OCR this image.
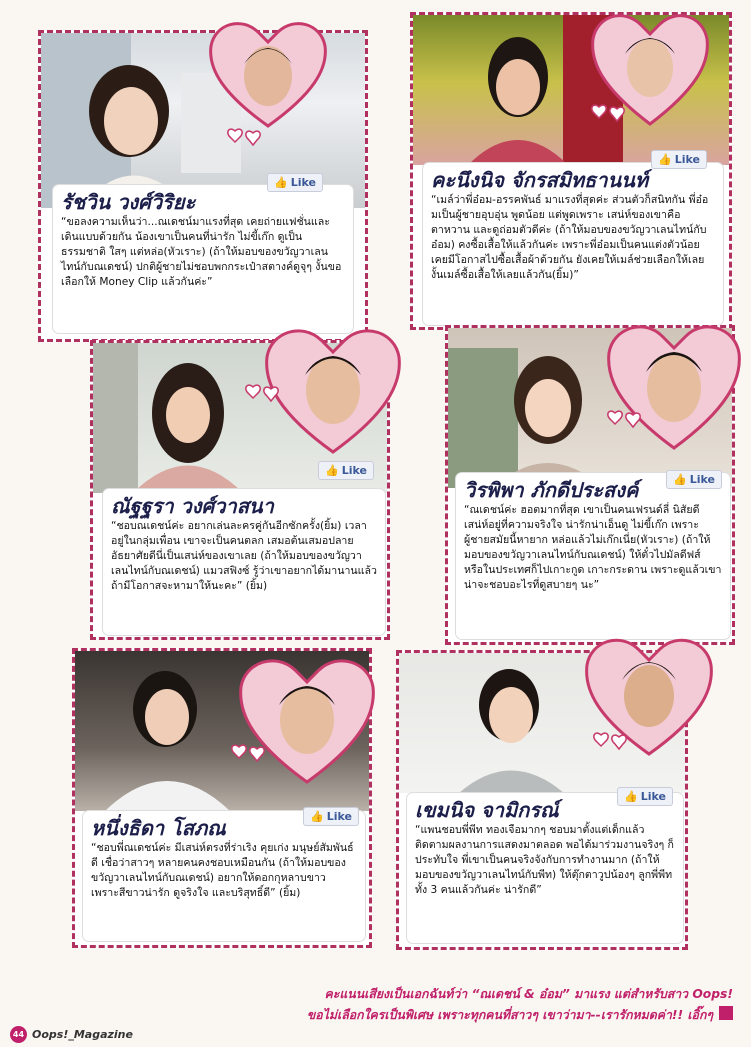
รัชวิน วงศ์วิริยะ
“ขอลงความเห็นว่า...ณเดชน์มาแรงที่สุด เคยถ่ายแฟชั่นและเดินแบบด้วยกัน น้องเขาเป็นคนที่น่ารัก ไม่ขี้เก๊ก ดูเป็นธรรมชาติ ใสๆ แต่หล่อ(หัวเราะ) (ถ้าให้มอบของขวัญวาเลนไทน์กับณเดชน์) ปกติผู้ชายไม่ชอบพกกระเป๋าสตางค์ดูจุๆ งั้นขอเลือกให้ Money Clip แล้วกันค่ะ”
👍 Like	คะนึงนิจ จักรสมิทธานนท์
“เมล์ว่าพี่อ๋อม-อรรคพันธ์ มาแรงที่สุดค่ะ ส่วนตัวก็สนิทกัน พี่อ๋อมเป็นผู้ชายอุบอุ่น พูดน้อย แต่พูดเพราะ เสน่ห์ของเขาคือ ตาหวาน และดูถ่อมตัวดีค่ะ (ถ้าให้มอบของขวัญวาเลนไทน์กับอ๋อม) คงซื้อเสื้อให้แล้วกันค่ะ เพราะพี่อ๋อมเป็นคนแต่งตัวน้อย เคยมีโอกาสไปซื้อเสื้อผ้าด้วยกัน ยังเคยให้เมล์ช่วยเลือกให้เลย งั้นเมล์ซื้อเสื้อให้เลยแล้วกัน(ยิ้ม)”
👍 Like
ณัฐฐรา วงศ์วาสนา
“ชอบณเดชน์ค่ะ อยากเล่นละครคู่กันอีกซักครั้ง(ยิ้ม) เวลาอยู่ในกลุ่มเพื่อน เขาจะเป็นคนตลก เสมอต้นเสมอปลาย อัธยาศัยดีนี่เป็นเสน่ห์ของเขาเลย (ถ้าให้มอบของขวัญวาเลนไทน์กับณเดชน์) แมวสฟิงซ์ รู้ว่าเขาอยากได้มานานแล้ว ถ้ามีโอกาสจะหามาให้นะคะ” (ยิ้ม)
👍 Like
วิรพิพา ภักดีประสงค์
“ณเดชน์ค่ะ ฮอตมากที่สุด เขาเป็นคนเฟรนด์ลี่ นิสัยดี เสน่ห์อยู่ที่ความจริงใจ น่ารักน่าเอ็นดู ไม่ขี้เก๊ก เพราะผู้ชายสมัยนี้หายาก หล่อแล้วไม่เก๊กเนี่ย(หัวเราะ) (ถ้าให้มอบของขวัญวาเลนไทน์กับณเดชน์) ให้ตั๋วไปมัลดีฟส์ หรือในประเทศก็ไปเกาะกูด เกาะกระดาน เพราะดูแล้วเขาน่าจะชอบอะไรที่ดูสบายๆ นะ”
👍 Like
หนึ่งธิดา โสภณ
“ชอบพี่ณเดชน์ค่ะ มีเสน่ห์ตรงที่ร่าเริง คุยเก่ง มนุษย์สัมพันธ์ดี เชื่อว่าสาวๆ หลายคนคงชอบเหมือนกัน (ถ้าให้มอบของขวัญวาเลนไทน์กับณเดชน์) อยากให้ดอกกุหลาบขาว เพราะสีขาวน่ารัก ดูจริงใจ และบริสุทธิ์ดี” (ยิ้ม)
👍 Like	เขมนิจ จามิกรณ์
“แพนชอบพี่พีท ทองเจือมากๆ ชอบมาตั้งแต่เด็กแล้ว ติดตามผลงานการแสดงมาตลอด พอได้มาร่วมงานจริงๆ ก็ประทับใจ พี่เขาเป็นคนจริงจังกับการทำงานมาก (ถ้าให้มอบของขวัญวาเลนไทน์กับพีท) ให้ตุ๊กตาวูปน้องๆ ลูกพี่พีททั้ง 3 คนแล้วกันค่ะ น่ารักดี”
👍 Like
คะแนนเสียงเป็นเอกฉันท์ว่า “ณเดชน์ & อ๋อม” มาแรง แต่สำหรับสาว Oops!
ขอไม่เลือกใครเป็นพิเศษ เพราะทุกคนที่สาวๆ เขาว่ามา--เรารักหมดค่า!! เอิ๊กๆ
44 Oops!_Magazine
